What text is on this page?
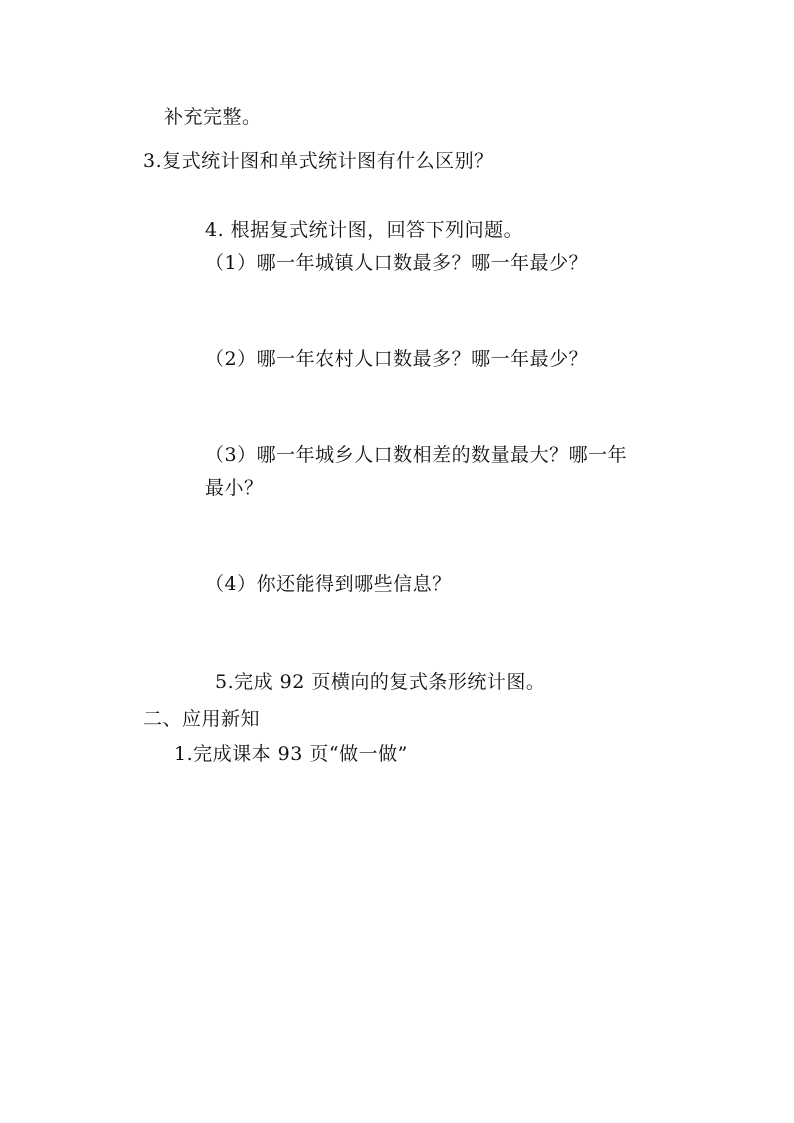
补充完整。
3.复式统计图和单式统计图有什么区别？
4. 根据复式统计图，回答下列问题。
（1）哪一年城镇人口数最多？哪一年最少？
（2）哪一年农村人口数最多？哪一年最少？
（3）哪一年城乡人口数相差的数量最大？哪一年
最小？
（4）你还能得到哪些信息？
5.完成 92 页横向的复式条形统计图。
二、应用新知
1.完成课本 93 页“做一做”
